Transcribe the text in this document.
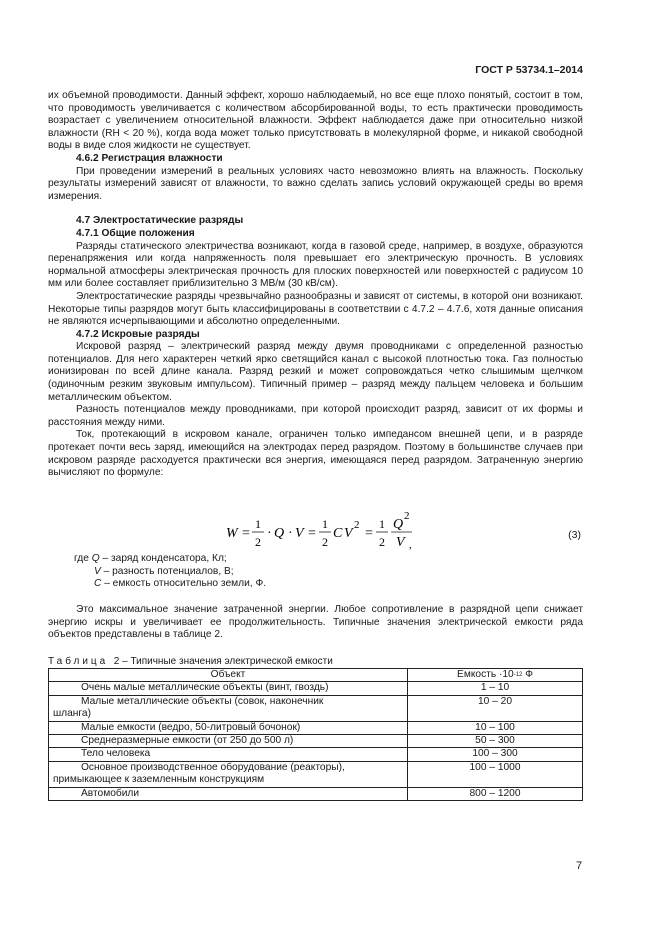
ГОСТ Р 53734.1–2014

их объемной проводимости. Данный эффект, хорошо наблюдаемый, но все еще плохо понятый, состоит в том, что проводимость увеличивается с количеством абсорбированной воды, то есть практически проводимость возрастает с увеличением относительной влажности. Эффект наблюдается даже при относительно низкой влажности (RH < 20 %), когда вода может только присутствовать в молекулярной форме, и никакой свободной воды в виде слоя жидкости не существует.

4.6.2 Регистрация влажности

При проведении измерений в реальных условиях часто невозможно влиять на влажность. Поскольку результаты измерений зависят от влажности, то важно сделать запись условий окружающей среды во время измерения.

4.7 Электростатические разряды

4.7.1 Общие положения

Разряды статического электричества возникают, когда в газовой среде, например, в воздухе, образуются перенапряжения или когда напряженность поля превышает его электрическую прочность. В условиях нормальной атмосферы электрическая прочность для плоских поверхностей или поверхностей с радиусом 10 мм или более составляет приблизительно 3 МВ/м (30 кВ/см).

Электростатические разряды чрезвычайно разнообразны и зависят от системы, в которой они возникают. Некоторые типы разрядов могут быть классифицированы в соответствии с 4.7.2 – 4.7.6, хотя данные описания не являются исчерпывающими и абсолютно определенными.

4.7.2 Искровые разряды

Искровой разряд – электрический разряд между двумя проводниками с определенной разностью потенциалов. Для него характерен четкий ярко светящийся канал с высокой плотностью тока. Газ полностью ионизирован по всей длине канала. Разряд резкий и может сопровождаться четко слышимым щелчком (одиночным резким звуковым импульсом). Типичный пример – разряд между пальцем человека и большим металлическим объектом.

Разность потенциалов между проводниками, при которой происходит разряд, зависит от их формы и расстояния между ними.

Ток, протекающий в искровом канале, ограничен только импедансом внешней цепи, и в разряде протекает почти весь заряд, имеющийся на электродах перед разрядом. Поэтому в большинстве случаев при искровом разряде расходуется практически вся энергия, имеющаяся перед разрядом. Затраченную энергию вычисляют по формуле:

W =
1
2
· Q · V =
1
2
C V
2
=
1
2
Q
2
V ,
(3)
где Q – заряд конденсатора, Кл;
V – разность потенциалов, В;
C – емкость относительно земли, Ф.

Это максимальное значение затраченной энергии. Любое сопротивление в разрядной цепи снижает энергию искры и увеличивает ее продолжительность. Типичные значения электрической емкости ряда объектов представлены в таблице 2.

Таблица 2 – Типичные значения электрической емкости
Объект	Емкость $\cdot 10^{-12}$ Ф
Очень малые металлические объекты (винт, гвоздь)	1 – 10
Малые металлические объекты (совок, наконечник
шланга)	10 – 20
Малые емкости (ведро, 50-литровый бочонок)	10 – 100
Среднеразмерные емкости (от 250 до 500 л)	50 – 300
Тело человека	100 – 300
Основное производственное оборудование (реакторы),
примыкающее к заземленным конструкциям	100 – 1000
Автомобили	800 – 1200
7
